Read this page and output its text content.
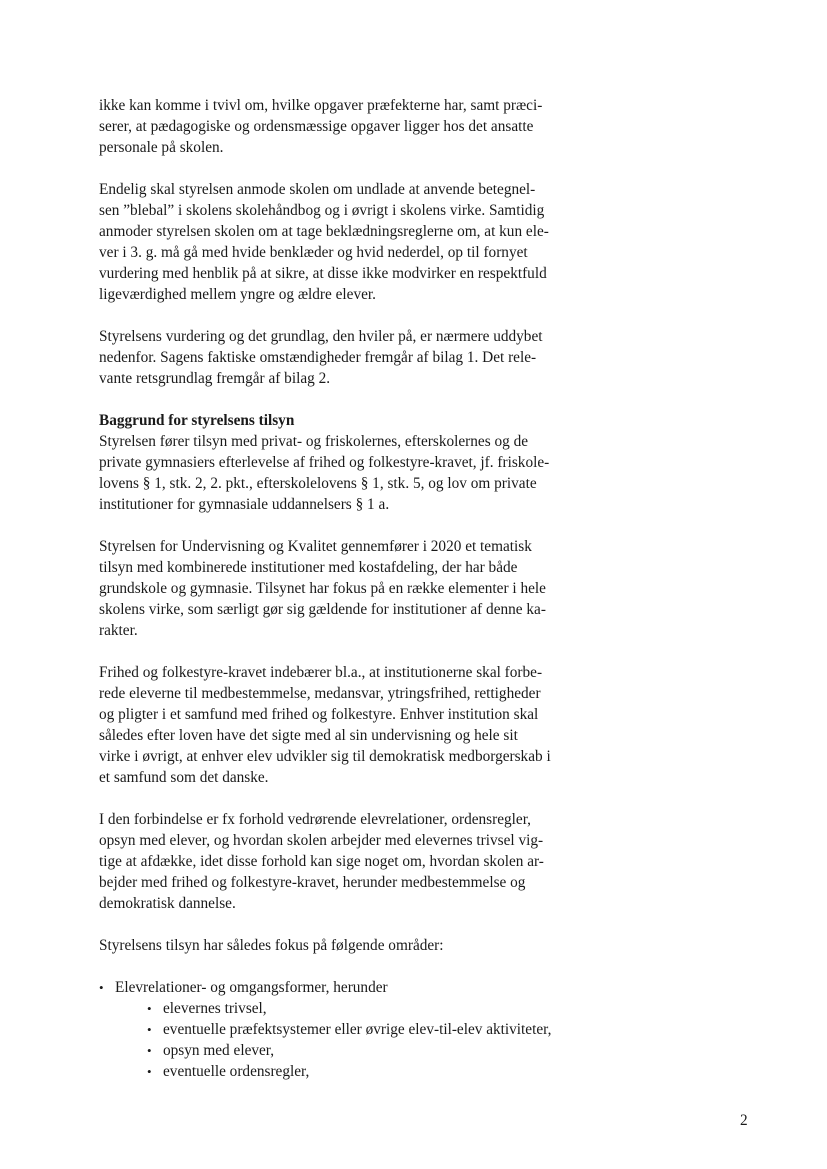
ikke kan komme i tvivl om, hvilke opgaver præfekterne har, samt præci-
serer, at pædagogiske og ordensmæssige opgaver ligger hos det ansatte
personale på skolen.

Endelig skal styrelsen anmode skolen om undlade at anvende betegnel-
sen ”blebal” i skolens skolehåndbog og i øvrigt i skolens virke. Samtidig
anmoder styrelsen skolen om at tage beklædningsreglerne om, at kun ele-
ver i 3. g. må gå med hvide benklæder og hvid nederdel, op til fornyet
vurdering med henblik på at sikre, at disse ikke modvirker en respektfuld
ligeværdighed mellem yngre og ældre elever.

Styrelsens vurdering og det grundlag, den hviler på, er nærmere uddybet
nedenfor. Sagens faktiske omstændigheder fremgår af bilag 1. Det rele-
vante retsgrundlag fremgår af bilag 2.

Baggrund for styrelsens tilsyn
Styrelsen fører tilsyn med privat- og friskolernes, efterskolernes og de
private gymnasiers efterlevelse af frihed og folkestyre-kravet, jf. friskole-
lovens § 1, stk. 2, 2. pkt., efterskolelovens § 1, stk. 5, og lov om private
institutioner for gymnasiale uddannelsers § 1 a.

Styrelsen for Undervisning og Kvalitet gennemfører i 2020 et tematisk
tilsyn med kombinerede institutioner med kostafdeling, der har både
grundskole og gymnasie. Tilsynet har fokus på en række elementer i hele
skolens virke, som særligt gør sig gældende for institutioner af denne ka-
rakter.

Frihed og folkestyre-kravet indebærer bl.a., at institutionerne skal forbe-
rede eleverne til medbestemmelse, medansvar, ytringsfrihed, rettigheder
og pligter i et samfund med frihed og folkestyre. Enhver institution skal
således efter loven have det sigte med al sin undervisning og hele sit
virke i øvrigt, at enhver elev udvikler sig til demokratisk medborgerskab i
et samfund som det danske.

I den forbindelse er fx forhold vedrørende elevrelationer, ordensregler,
opsyn med elever, og hvordan skolen arbejder med elevernes trivsel vig-
tige at afdække, idet disse forhold kan sige noget om, hvordan skolen ar-
bejder med frihed og folkestyre-kravet, herunder medbestemmelse og
demokratisk dannelse.

Styrelsens tilsyn har således fokus på følgende områder:

• Elevrelationer- og omgangsformer, herunder
• elevernes trivsel,
• eventuelle præfektsystemer eller øvrige elev-til-elev aktiviteter,
• opsyn med elever,
• eventuelle ordensregler,
2
